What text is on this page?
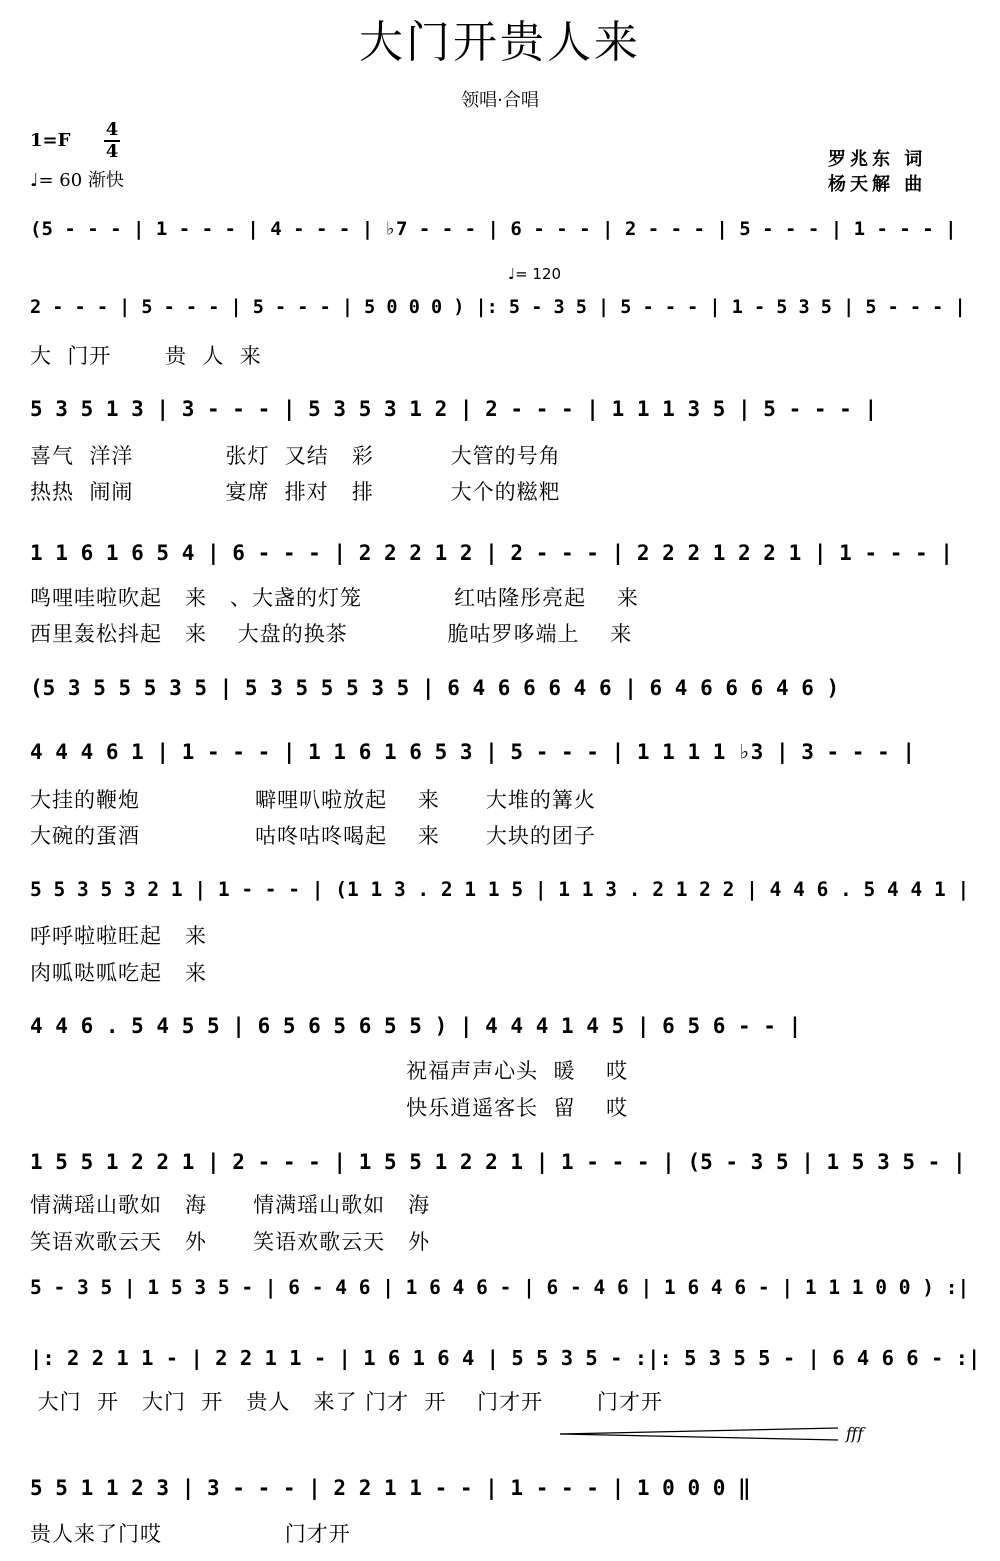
大门开贵人来
领唱·合唱
1=F
4
4
♩= 60 渐快
罗兆东 词
杨天解 曲
♩= 120
fff
(5 - - - | 1 - - - | 4 - - - | ♭7 - - - | 6 - - - | 2 - - - | 5 - - - | 1 - - - |
2 - - - | 5 - - - | 5 - - - | 5 0 0 0 ) |: 5 - 3 5 | 5 - - - | 1 - 5 3 5 | 5 - - - |
大  门开       贵  人  来
5 3 5 1 3 | 3 - - - | 5 3 5 3 1 2 | 2 - - - | 1 1 1 3 5 | 5 - - - |
喜气  洋洋            张灯  又结   彩          大管的号角
热热  闹闹            宴席  排对   排          大个的糍粑
1 1 6 1 6 5 4 | 6 - - - | 2 2 2 1 2 | 2 - - - | 2 2 2 1 2 2 1 | 1 - - - |
鸣哩哇啦吹起   来   、大盏的灯笼            红咕隆彤亮起    来
西里轰松抖起   来    大盘的换茶             脆咕罗哆端上    来
(5 3 5 5 5 3 5 | 5 3 5 5 5 3 5 | 6 4 6 6 6 4 6 | 6 4 6 6 6 4 6 )
4 4 4 6 1 | 1 - - - | 1 1 6 1 6 5 3 | 5 - - - | 1 1 1 1 ♭3 | 3 - - - |
大挂的鞭炮               噼哩叭啦放起    来      大堆的篝火
大碗的蛋酒               咕咚咕咚喝起    来      大块的团子
5 5 3 5 3 2 1 | 1 - - - | (1 1 3 . 2 1 1 5 | 1 1 3 . 2 1 2 2 | 4 4 6 . 5 4 4 1 |
呼呼啦啦旺起   来
肉呱哒呱吃起   来
4 4 6 . 5 4 5 5 | 6 5 6 5 6 5 5 ) | 4 4 4 1 4 5 | 6 5 6 - - |
祝福声声心头  暖    哎
快乐逍遥客长  留    哎
1 5 5 1 2 2 1 | 2 - - - | 1 5 5 1 2 2 1 | 1 - - - | (5 - 3 5 | 1 5 3 5 - |
情满瑶山歌如   海      情满瑶山歌如   海
笑语欢歌云天   外      笑语欢歌云天   外
5 - 3 5 | 1 5 3 5 - | 6 - 4 6 | 1 6 4 6 - | 6 - 4 6 | 1 6 4 6 - | 1 1 1 0 0 ) :|
|: 2 2 1 1 - | 2 2 1 1 - | 1 6 1 6 4 | 5 5 3 5 - :|: 5 3 5 5 - | 6 4 6 6 - :|
大门  开   大门  开   贵人   来了 门才  开    门才开       门才开
5 5 1 1 2 3 | 3 - - - | 2 2 1 1 - - | 1 - - - | 1 0 0 0 ‖
贵人来了门哎                门才开
